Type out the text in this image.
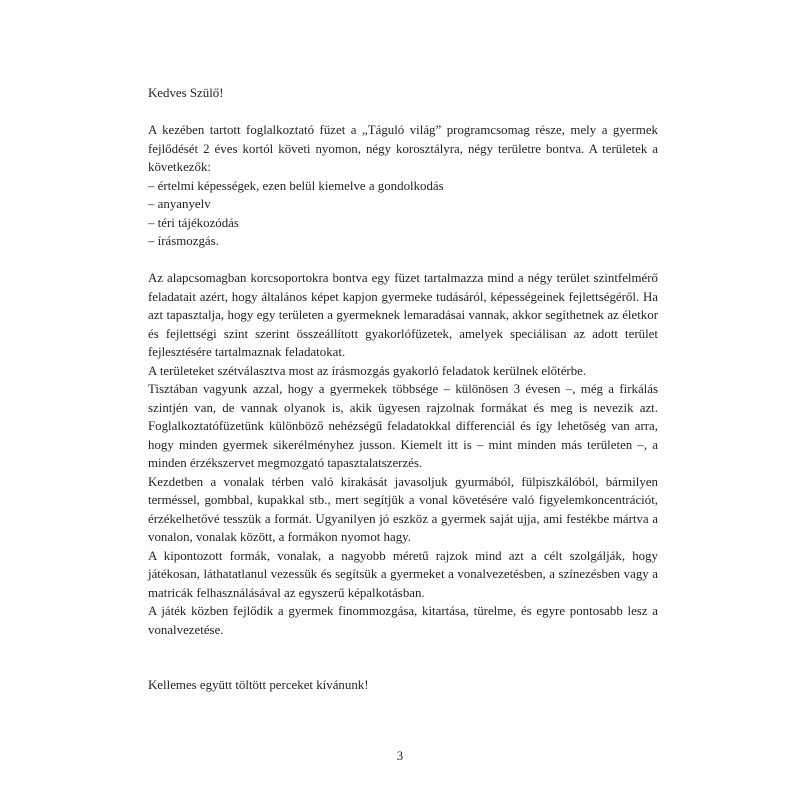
Kedves Szülő!

A kezében tartott foglalkoztató füzet a „Táguló világ” programcsomag része, mely a gyermek fejlődését 2 éves kortól követi nyomon, négy korosztályra, négy területre bontva. A területek a következők:

– értelmi képességek, ezen belül kiemelve a gondolkodás
– anyanyelv
– téri tájékozódás
– írásmozgás.

Az alapcsomagban korcsoportokra bontva egy füzet tartalmazza mind a négy terület szintfelmérő feladatait azért, hogy általános képet kapjon gyermeke tudásáról, képességeinek fejlettségéről. Ha azt tapasztalja, hogy egy területen a gyermeknek lemaradásai vannak, akkor segíthetnek az életkor és fejlettségi szint szerint összeállított gyakorlófüzetek, amelyek speciálisan az adott terület fejlesztésére tartalmaznak feladatokat.

A területeket szétválasztva most az írásmozgás gyakorló feladatok kerülnek előtérbe.

Tisztában vagyunk azzal, hogy a gyermekek többsége – különösen 3 évesen –, még a firkálás szintjén van, de vannak olyanok is, akik ügyesen rajzolnak formákat és meg is nevezik azt. Foglalkoztatófüzetünk különböző nehézségű feladatokkal differenciál és így lehetőség van arra, hogy minden gyermek sikerélményhez jusson. Kiemelt itt is – mint minden más területen –, a minden érzékszervet megmozgató tapasztalatszerzés.

Kezdetben a vonalak térben való kirakását javasoljuk gyurmából, fülpiszkálóból, bármilyen terméssel, gombbal, kupakkal stb., mert segítjük a vonal követésére való figyelemkoncentrációt, érzékelhetővé tesszük a formát. Ugyanilyen jó eszköz a gyermek saját ujja, ami festékbe mártva a vonalon, vonalak között, a formákon nyomot hagy.

A kipontozott formák, vonalak, a nagyobb méretű rajzok mind azt a célt szolgálják, hogy játékosan, láthatatlanul vezessük és segítsük a gyermeket a vonalvezetésben, a színezésben vagy a matricák felhasználásával az egyszerű képalkotásban.

A játék közben fejlődik a gyermek finommozgása, kitartása, türelme, és egyre pontosabb lesz a vonalvezetése.

Kellemes együtt töltött perceket kívánunk!

3
